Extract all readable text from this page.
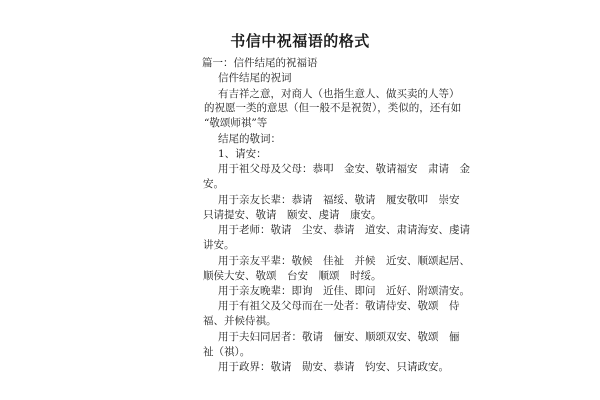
书信中祝福语的格式
篇一：信件结尾的祝福语
信件结尾的祝词
有吉祥之意，对商人（也指生意人、做买卖的人等）
的祝愿一类的意思（但一般不是祝贺），类似的，还有如
“敬颂师祺”等
结尾的敬词：
1、请安：
用于祖父母及父母：恭叩　金安、敬请福安　肃请　金
安。
用于亲友长辈：恭请　福绥、敬请　履安敬叩　崇安
只请提安、敬请　颐安、虔请　康安。
用于老师：敬请　尘安、恭请　道安、肃请海安、虔请
讲安。
用于亲友平辈：敬候　佳祉　并候　近安、顺颂起居、
顺侯大安、敬颂　台安　顺颂　时绥。
用于亲友晚辈：即询　近佳、即问　近好、附颂清安。
用于有祖父及父母而在一处者：敬请侍安、敬颂　侍
福、并候侍祺。
用于夫妇同居者：敬请　俪安、顺颂双安、敬颂　俪
祉（祺）。
用于政界：敬请　勋安、恭请　钧安、只请政安。
